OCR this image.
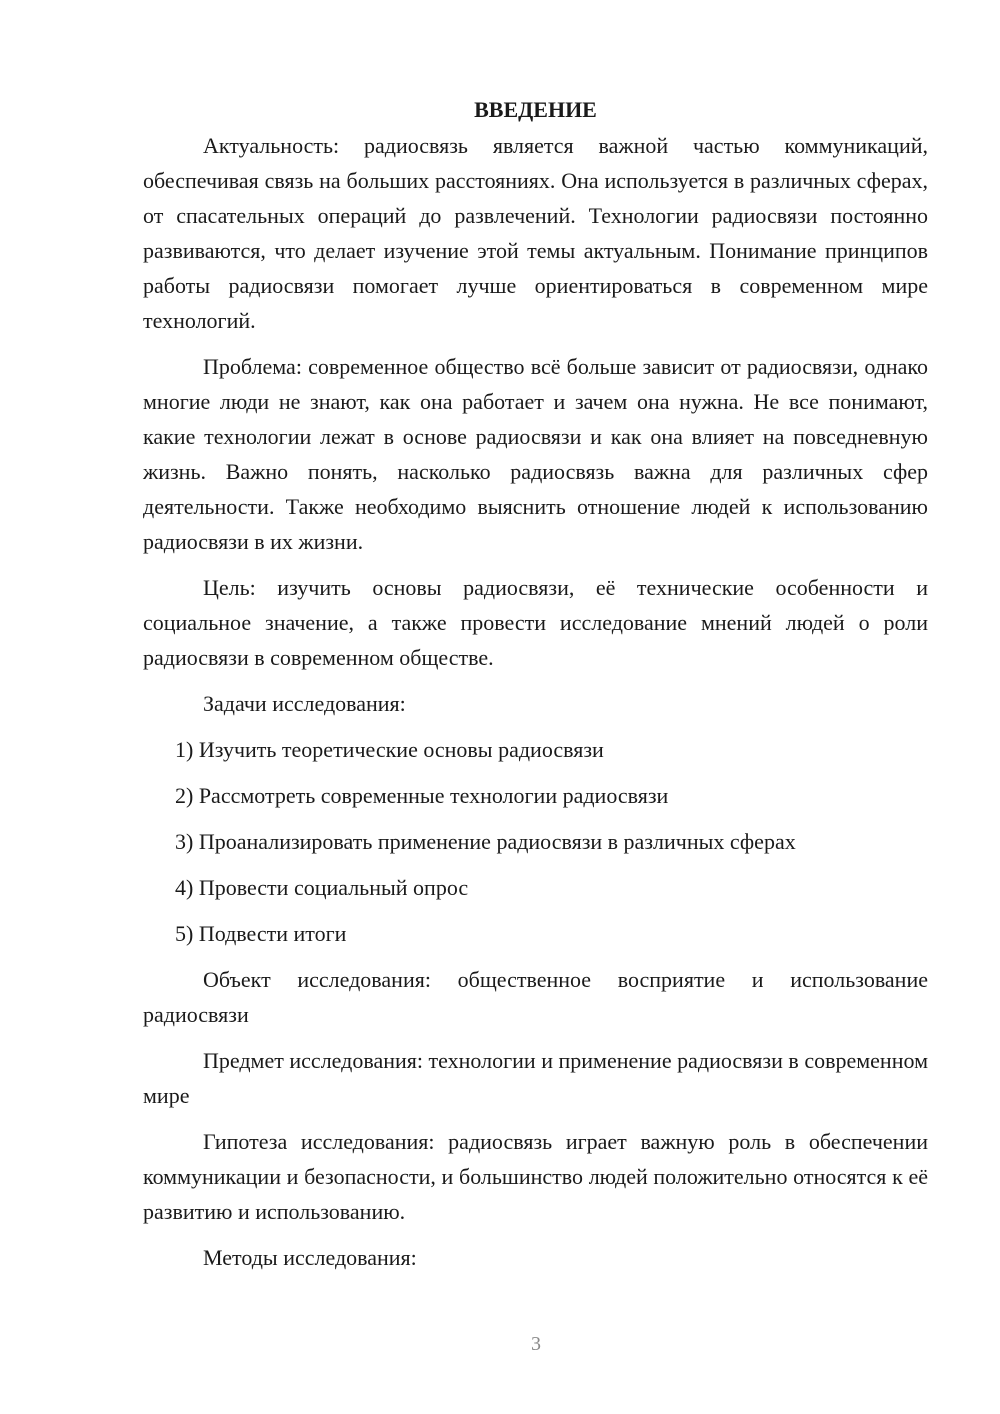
ВВЕДЕНИЕ

Актуальность: радиосвязь является важной частью коммуникаций, обеспечивая связь на больших расстояниях. Она используется в различных сферах, от спасательных операций до развлечений. Технологии радиосвязи постоянно развиваются, что делает изучение этой темы актуальным. Понимание принципов работы радиосвязи помогает лучше ориентироваться в современном мире технологий.

Проблема: современное общество всё больше зависит от радиосвязи, однако многие люди не знают, как она работает и зачем она нужна. Не все понимают, какие технологии лежат в основе радиосвязи и как она влияет на повседневную жизнь. Важно понять, насколько радиосвязь важна для различных сфер деятельности. Также необходимо выяснить отношение людей к использованию радиосвязи в их жизни.

Цель: изучить основы радиосвязи, её технические особенности и социальное значение, а также провести исследование мнений людей о роли радиосвязи в современном обществе.

Задачи исследования:

1) Изучить теоретические основы радиосвязи

2) Рассмотреть современные технологии радиосвязи

3) Проанализировать применение радиосвязи в различных сферах

4) Провести социальный опрос

5) Подвести итоги

Объект исследования: общественное восприятие и использование радиосвязи

Предмет исследования: технологии и применение радиосвязи в современном мире

Гипотеза исследования: радиосвязь играет важную роль в обеспечении коммуникации и безопасности, и большинство людей положительно относятся к её развитию и использованию.

Методы исследования:

3
